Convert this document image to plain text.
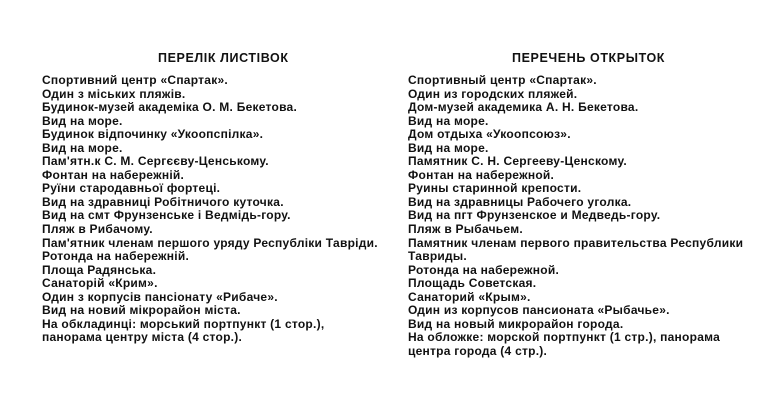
ПЕРЕЛІК ЛИСТІВОК
Спортивний центр «Спартак».
Один з міських пляжів.
Будинок-музей академіка О. М. Бекетова.
Вид на море.
Будинок відпочинку «Укоопспілка».
Вид на море.
Пам'ятн.к С. М. Сергєєву-Ценському.
Фонтан на набережній.
Руїни стародавньої фортеці.
Вид на здравниці Робітничого куточка.
Вид на смт Фрунзенське і Ведмідь-гору.
Пляж в Рибачому.
Пам'ятник членам першого уряду Республіки Тавріди.
Ротонда на набережній.
Площа Радянська.
Санаторій «Крим».
Один з корпусів пансіонату «Рибаче».
Вид на новий мікрорайон міста.
На обкладинці: морський портпункт (1 стор.), панорама центру міста (4 стор.).
ПЕРЕЧЕНЬ ОТКРЫТОК
Спортивный центр «Спартак».
Один из городских пляжей.
Дом-музей академика А. Н. Бекетова.
Вид на море.
Дом отдыха «Укоопсоюз».
Вид на море.
Памятник С. Н. Сергееву-Ценскому.
Фонтан на набережной.
Руины старинной крепости.
Вид на здравницы Рабочего уголка.
Вид на пгт Фрунзенское и Медведь-гору.
Пляж в Рыбачьем.
Памятник членам первого правительства Республики Тавриды.
Ротонда на набережной.
Площадь Советская.
Санаторий «Крым».
Один из корпусов пансионата «Рыбачье».
Вид на новый микрорайон города.
На обложке: морской портпункт (1 стр.), панорама центра города (4 стр.).
